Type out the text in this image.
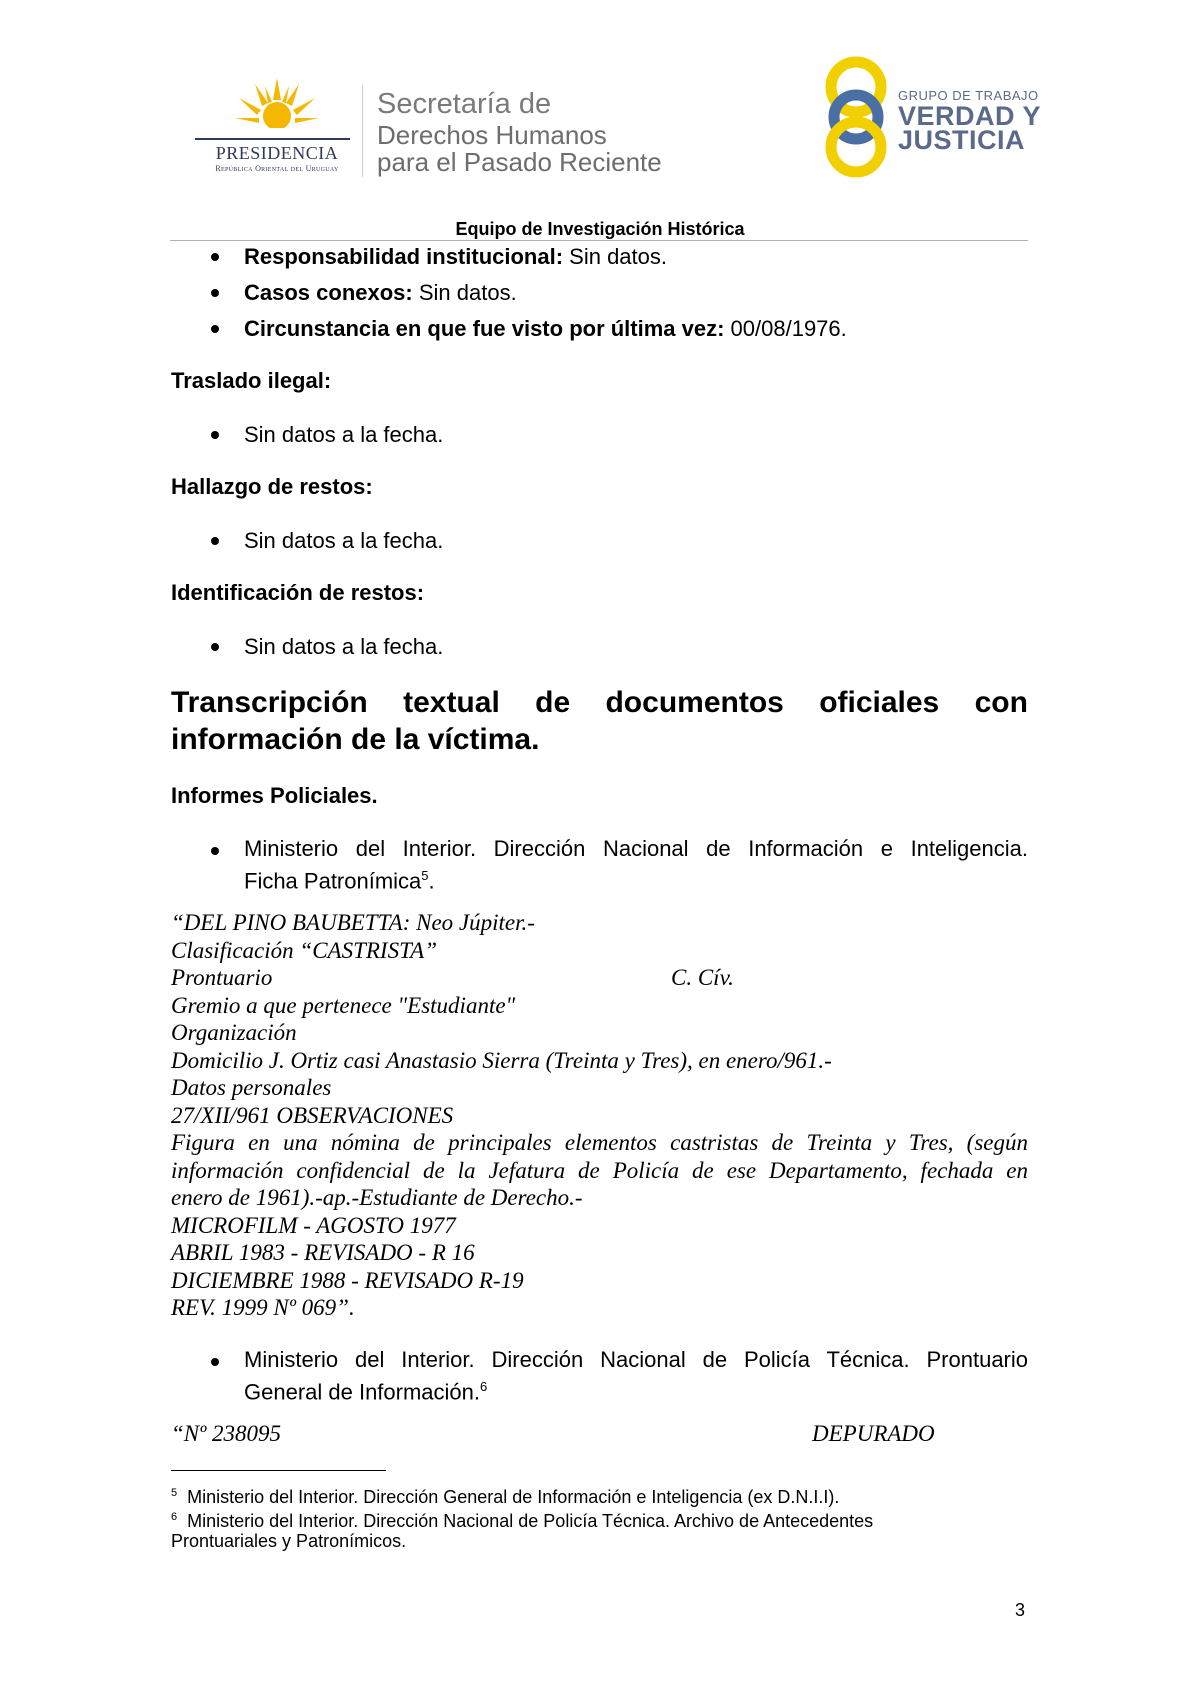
PRESIDENCIA
República Oriental del Uruguay
Secretaría de
Derechos Humanos
para el Pasado Reciente
GRUPO DE TRABAJO
VERDAD Y
JUSTICIA
Equipo de Investigación Histórica
Responsabilidad institucional: Sin datos.
Casos conexos: Sin datos.
Circunstancia en que fue visto por última vez: 00/08/1976.
Traslado ilegal:
Sin datos a la fecha.
Hallazgo de restos:
Sin datos a la fecha.
Identificación de restos:
Sin datos a la fecha.
Transcripción textual de documentos oficiales con
información de la víctima.
Informes Policiales.
Ministerio del Interior. Dirección Nacional de Información e Inteligencia.
Ficha Patronímica$^5$.
“DEL PINO BAUBETTA: Neo Júpiter.-
Clasificación “CASTRISTA”
Prontuario	C. Cív.
Gremio a que pertenece "Estudiante"
Organización
Domicilio J. Ortiz casi Anastasio Sierra (Treinta y Tres), en enero/961.-
Datos personales
27/XII/961 OBSERVACIONES
Figura en una nómina de principales elementos castristas de Treinta y Tres, (según
información confidencial de la Jefatura de Policía de ese Departamento, fechada en
enero de 1961).-ap.-Estudiante de Derecho.-
MICROFILM - AGOSTO 1977
ABRIL 1983 - REVISADO - R 16
DICIEMBRE 1988 - REVISADO R-19
REV. 1999 Nº 069”.
Ministerio del Interior. Dirección Nacional de Policía Técnica. Prontuario
General de Información.$^6$
“Nº 238095	DEPURADO
$^5$ Ministerio del Interior. Dirección General de Información e Inteligencia (ex D.N.I.I).
$^6$ Ministerio del Interior. Dirección Nacional de Policía Técnica. Archivo de Antecedentes
Prontuariales y Patronímicos.
3
